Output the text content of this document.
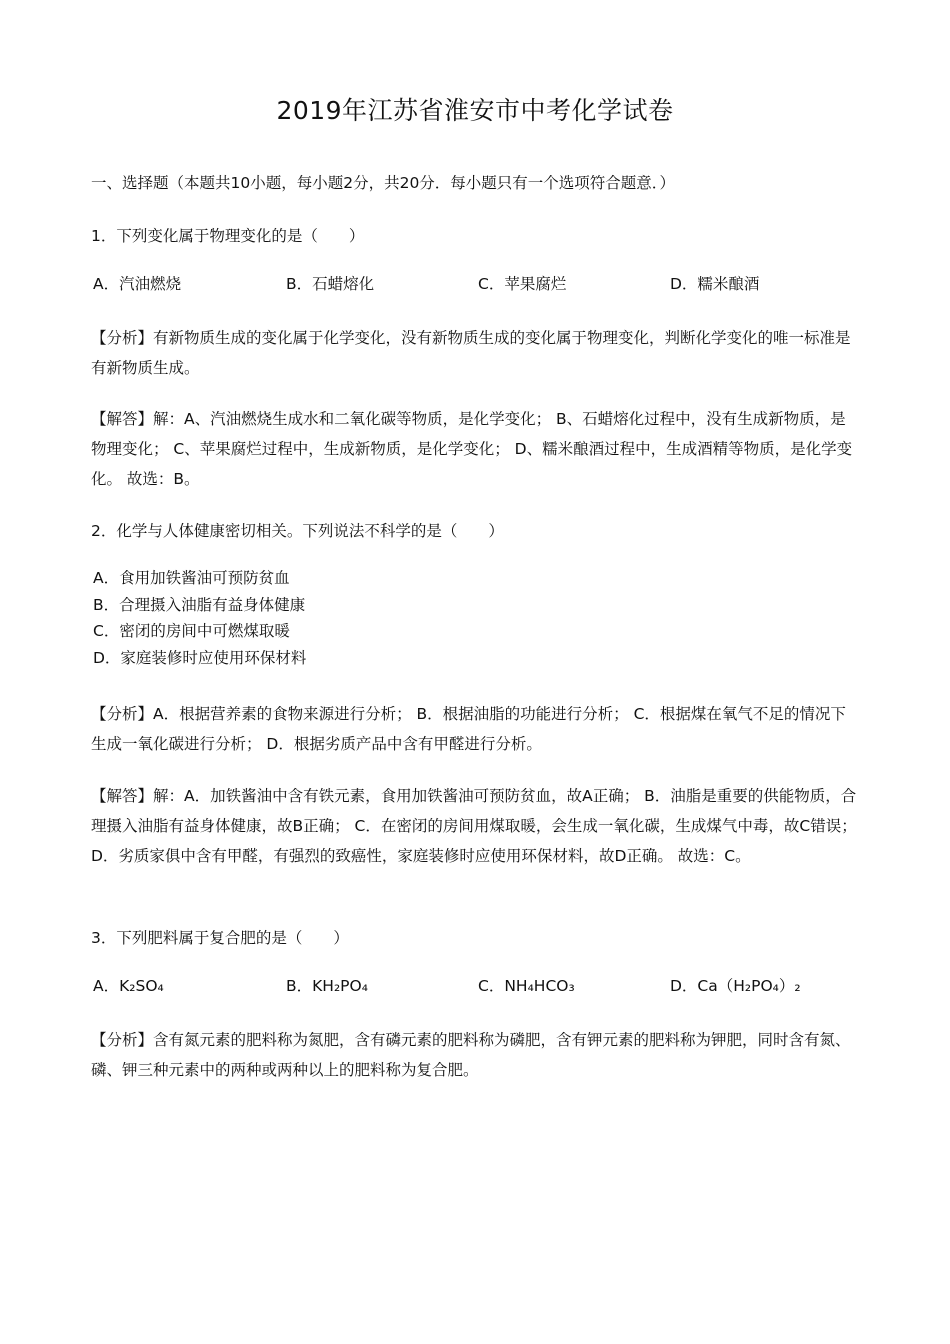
2019年江苏省淮安市中考化学试卷
一、选择题（本题共10小题，每小题2分，共20分．每小题只有一个选项符合题意．）
1．下列变化属于物理变化的是（　　）
A．汽油燃烧	B．石蜡熔化	C．苹果腐烂	D．糯米酿酒
【分析】有新物质生成的变化属于化学变化，没有新物质生成的变化属于物理变化，判断化学变化的唯一标准是有新物质生成。
【解答】解：A、汽油燃烧生成水和二氧化碳等物质，是化学变化； B、石蜡熔化过程中，没有生成新物质，是物理变化； C、苹果腐烂过程中，生成新物质，是化学变化； D、糯米酿酒过程中，生成酒精等物质，是化学变化。 故选：B。
2．化学与人体健康密切相关。下列说法不科学的是（　　）
A．食用加铁酱油可预防贫血
B．合理摄入油脂有益身体健康
C．密闭的房间中可燃煤取暖
D．家庭装修时应使用环保材料
【分析】A．根据营养素的食物来源进行分析； B．根据油脂的功能进行分析； C．根据煤在氧气不足的情况下生成一氧化碳进行分析； D．根据劣质产品中含有甲醛进行分析。
【解答】解：A．加铁酱油中含有铁元素，食用加铁酱油可预防贫血，故A正确； B．油脂是重要的供能物质，合理摄入油脂有益身体健康，故B正确； C．在密闭的房间用煤取暖，会生成一氧化碳，生成煤气中毒，故C错误； D．劣质家俱中含有甲醛，有强烈的致癌性，家庭装修时应使用环保材料，故D正确。 故选：C。
3．下列肥料属于复合肥的是（　　）
A．K₂SO₄	B．KH₂PO₄	C．NH₄HCO₃	D．Ca（H₂PO₄）₂
【分析】含有氮元素的肥料称为氮肥，含有磷元素的肥料称为磷肥，含有钾元素的肥料称为钾肥，同时含有氮、磷、钾三种元素中的两种或两种以上的肥料称为复合肥。
